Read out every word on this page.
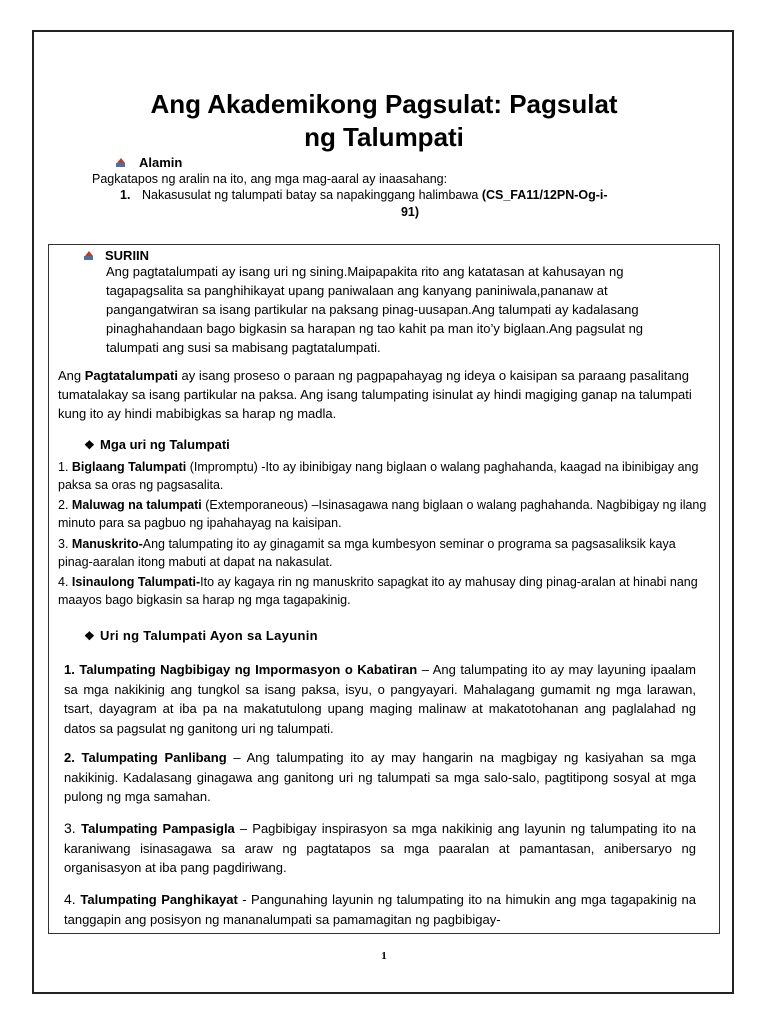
Ang Akademikong Pagsulat: Pagsulat
ng Talumpati
Alamin
Pagkatapos ng aralin na ito, ang mga mag-aaral ay inaasahang:
1. Nakasusulat ng talumpati batay sa napakinggang halimbawa (CS_FA11/12PN-Og-i-
91)
SURIIN
Ang pagtatalumpati ay isang uri ng sining.Maipapakita rito ang katatasan at kahusayan ng tagapagsalita sa panghihikayat upang paniwalaan ang kanyang paniniwala,pananaw at pangangatwiran sa isang partikular na paksang pinag-uusapan.Ang talumpati ay kadalasang pinaghahandaan bago bigkasin sa harapan ng tao kahit pa man ito’y biglaan.Ang pagsulat ng talumpati ang susi sa mabisang pagtatalumpati.
Ang Pagtatalumpati ay isang proseso o paraan ng pagpapahayag ng ideya o kaisipan sa paraang pasalitang tumatalakay sa isang partikular na paksa. Ang isang talumpating isinulat ay hindi magiging ganap na talumpati kung ito ay hindi mabibigkas sa harap ng madla.
❖ Mga uri ng Talumpati
1. Biglaang Talumpati (Impromptu) -Ito ay ibinibigay nang biglaan o walang paghahanda, kaagad na ibinibigay ang paksa sa oras ng pagsasalita.
2. Maluwag na talumpati (Extemporaneous) –Isinasagawa nang biglaan o walang paghahanda. Nagbibigay ng ilang minuto para sa pagbuo ng ipahahayag na kaisipan.
3. Manuskrito-Ang talumpating ito ay ginagamit sa mga kumbesyon seminar o programa sa pagsasaliksik kaya pinag-aaralan itong mabuti at dapat na nakasulat.
4. Isinaulong Talumpati-Ito ay kagaya rin ng manuskrito sapagkat ito ay mahusay ding pinag-aralan at hinabi nang maayos bago bigkasin sa harap ng mga tagapakinig.
❖ Uri ng Talumpati Ayon sa Layunin
1. Talumpating Nagbibigay ng Impormasyon o Kabatiran – Ang talumpating ito ay may layuning ipaalam sa mga nakikinig ang tungkol sa isang paksa, isyu, o pangyayari. Mahalagang gumamit ng mga larawan, tsart, dayagram at iba pa na makatutulong upang maging malinaw at makatotohanan ang paglalahad ng datos sa pagsulat ng ganitong uri ng talumpati.
2. Talumpating Panlibang – Ang talumpating ito ay may hangarin na magbigay ng kasiyahan sa mga nakikinig. Kadalasang ginagawa ang ganitong uri ng talumpati sa mga salo-salo, pagtitipong sosyal at mga pulong ng mga samahan.
3. Talumpating Pampasigla – Pagbibigay inspirasyon sa mga nakikinig ang layunin ng talumpating ito na karaniwang isinasagawa sa araw ng pagtatapos sa mga paaralan at pamantasan, anibersaryo ng organisasyon at iba pang pagdiriwang.
4. Talumpating Panghikayat - Pangunahing layunin ng talumpating ito na himukin ang mga tagapakinig na tanggapin ang posisyon ng mananalumpati sa pamamagitan ng pagbibigay-
1
